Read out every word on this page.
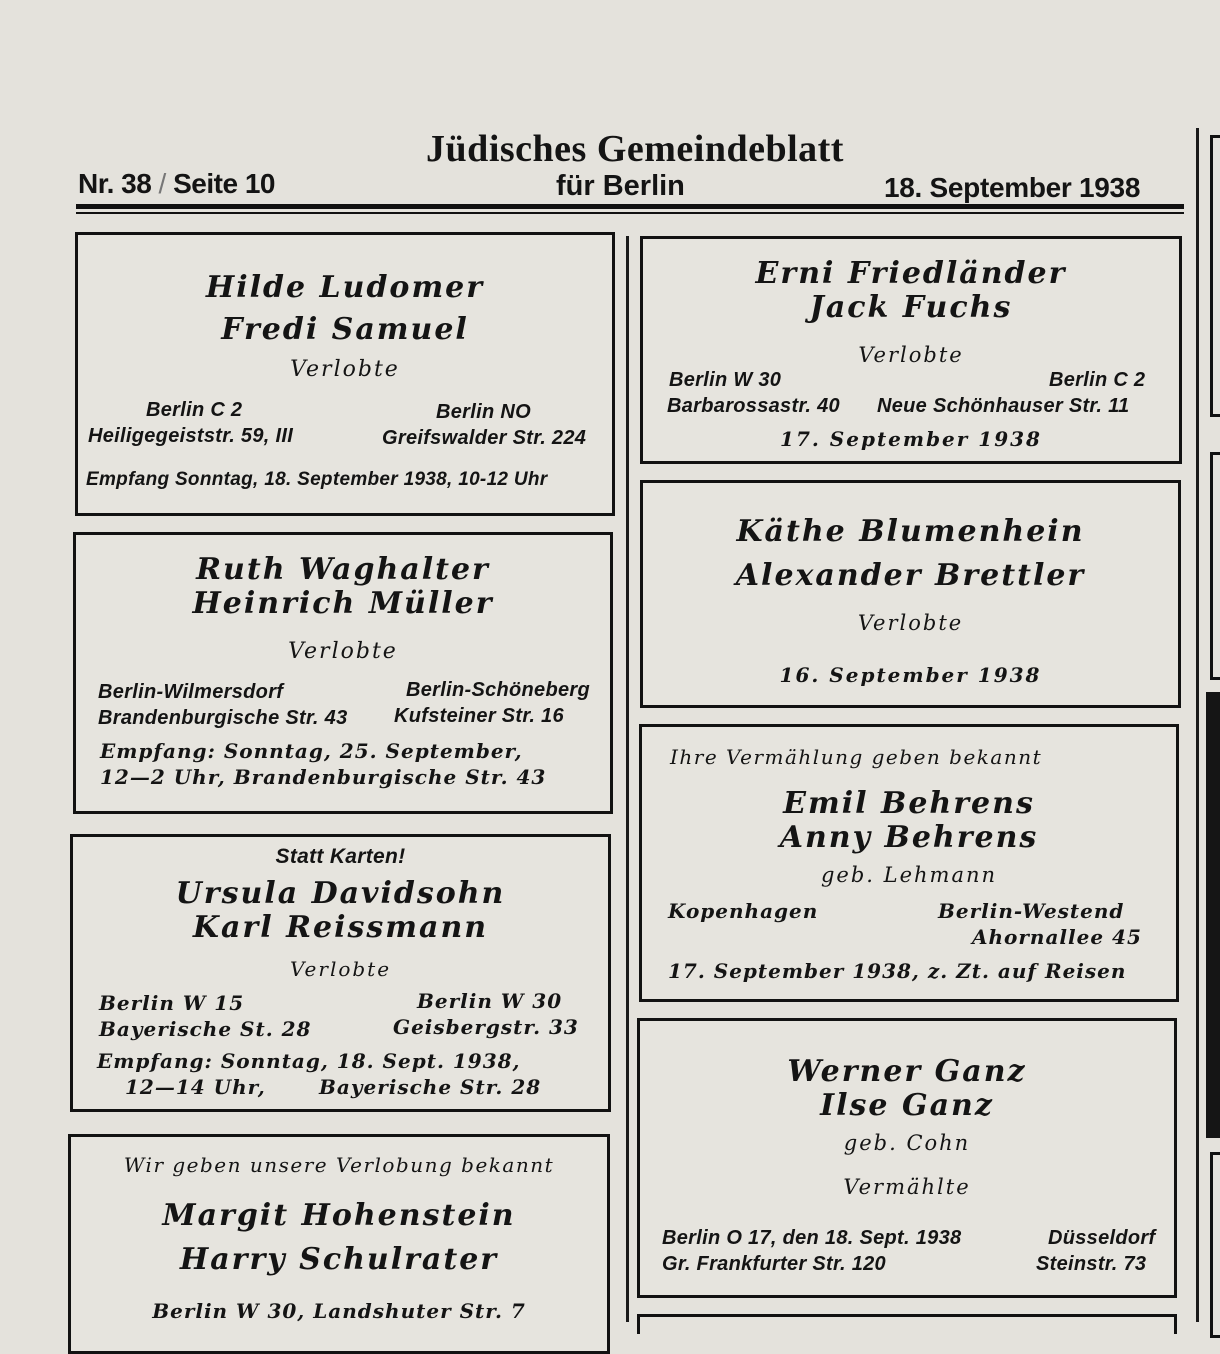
Jüdisches Gemeindeblatt
Nr. 38 / Seite 10	für Berlin	18. September 1938
Hilde Ludomer
Fredi Samuel
Verlobte
Berlin C 2
Heiligegeiststr. 59, III
Berlin NO
Greifswalder Str. 224
Empfang Sonntag, 18. September 1938, 10-12 Uhr
Ruth Waghalter
Heinrich Müller
Verlobte
Berlin-Wilmersdorf
Brandenburgische Str. 43
Berlin-Schöneberg
Kufsteiner Str. 16
Empfang: Sonntag, 25. September,
12—2 Uhr, Brandenburgische Str. 43
Statt Karten!
Ursula Davidsohn
Karl Reissmann
Verlobte
Berlin W 15
Bayerische St. 28
Berlin W 30
Geisbergstr. 33
Empfang: Sonntag, 18. Sept. 1938,
12—14 Uhr,	Bayerische Str. 28
Wir geben unsere Verlobung bekannt
Margit Hohenstein
Harry Schulrater
Berlin W 30, Landshuter Str. 7
Erni Friedländer
Jack Fuchs
Verlobte
Berlin W 30
Barbarossastr. 40
Berlin C 2
Neue Schönhauser Str. 11
17. September 1938
Käthe Blumenhein
Alexander Brettler
Verlobte
16. September 1938
Ihre Vermählung geben bekannt
Emil Behrens
Anny Behrens
geb. Lehmann
Kopenhagen	Berlin-Westend
Ahornallee 45
17. September 1938, z. Zt. auf Reisen
Werner Ganz
Ilse Ganz
geb. Cohn
Vermählte
Berlin O 17, den 18. Sept. 1938
Gr. Frankfurter Str. 120
Düsseldorf
Steinstr. 73
